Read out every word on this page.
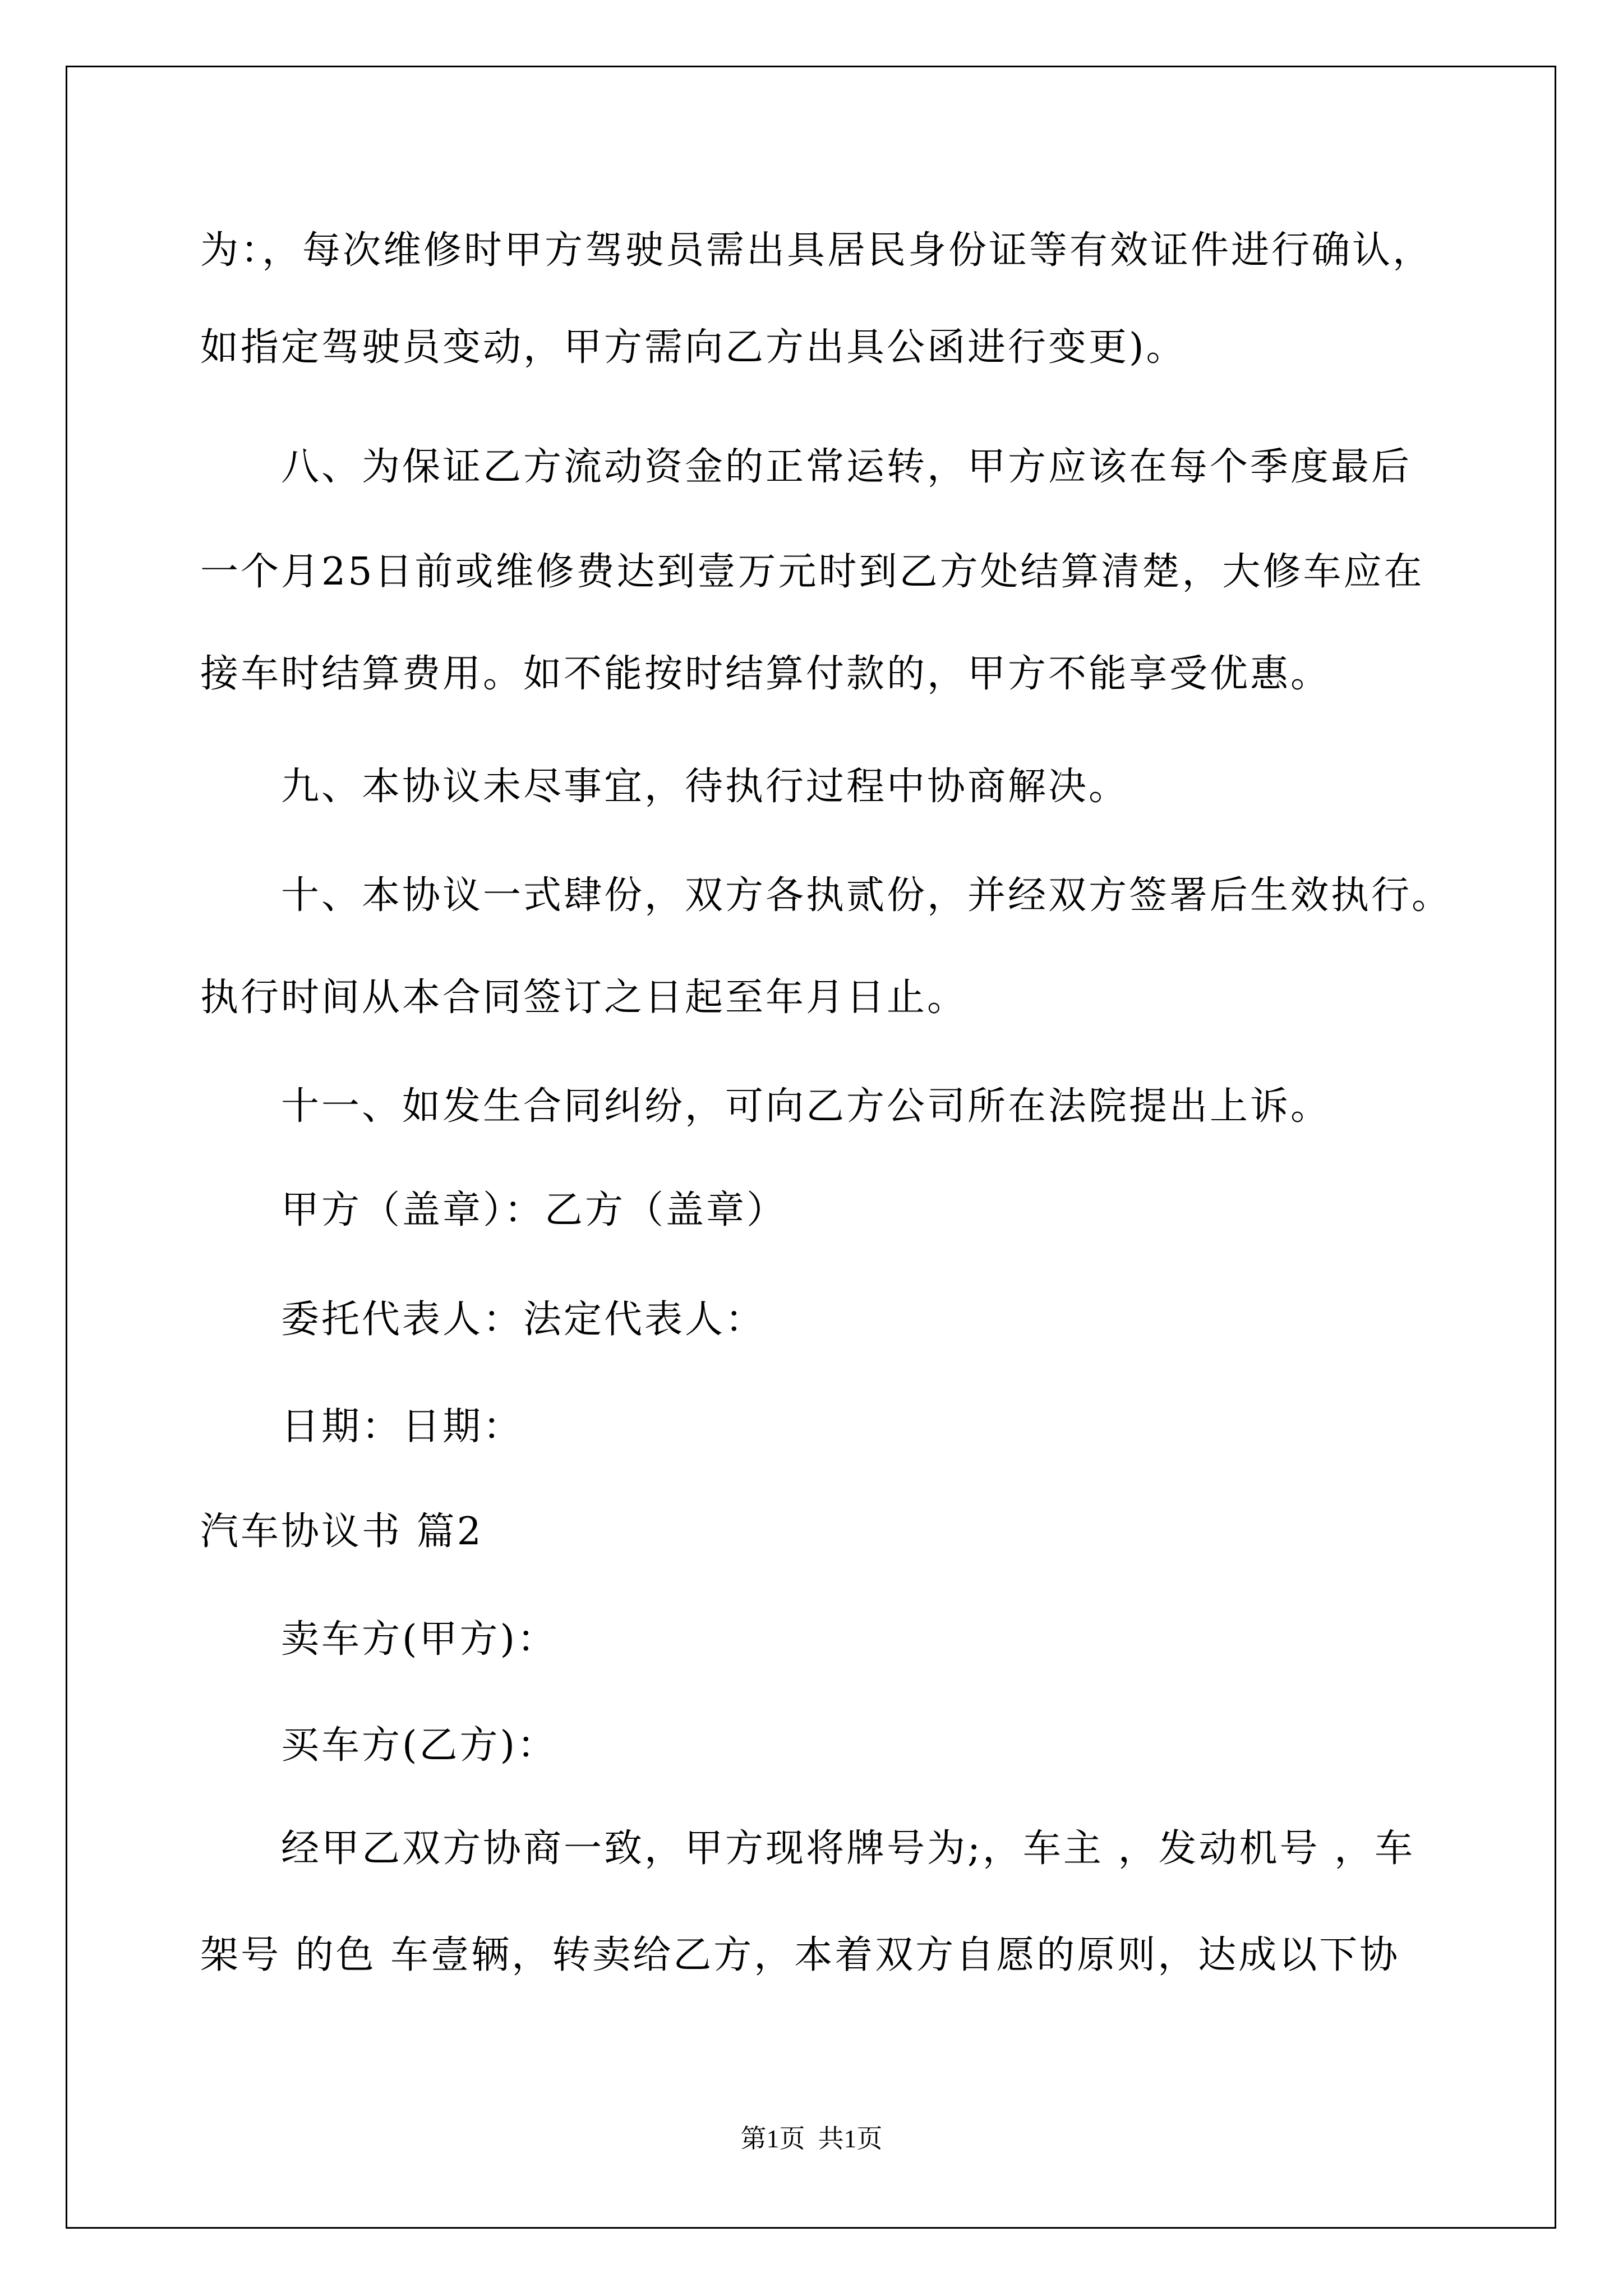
为：，每次维修时甲方驾驶员需出具居民身份证等有效证件进行确认，
如指定驾驶员变动，甲方需向乙方出具公函进行变更)。
　　八、为保证乙方流动资金的正常运转，甲方应该在每个季度最后
一个月25日前或维修费达到壹万元时到乙方处结算清楚，大修车应在
接车时结算费用。如不能按时结算付款的，甲方不能享受优惠。
　　九、本协议未尽事宜，待执行过程中协商解决。
　　十、本协议一式肆份，双方各执贰份，并经双方签署后生效执行。
执行时间从本合同签订之日起至年月日止。
　　十一、如发生合同纠纷，可向乙方公司所在法院提出上诉。
　　甲方（盖章）：乙方（盖章）
　　委托代表人：法定代表人：
　　日期：日期：
汽车协议书 篇2
　　卖车方(甲方)：
　　买车方(乙方)：
　　经甲乙双方协商一致，甲方现将牌号为;，车主 ，发动机号 ，车
架号 的色 车壹辆，转卖给乙方，本着双方自愿的原则，达成以下协
第1页  共1页
